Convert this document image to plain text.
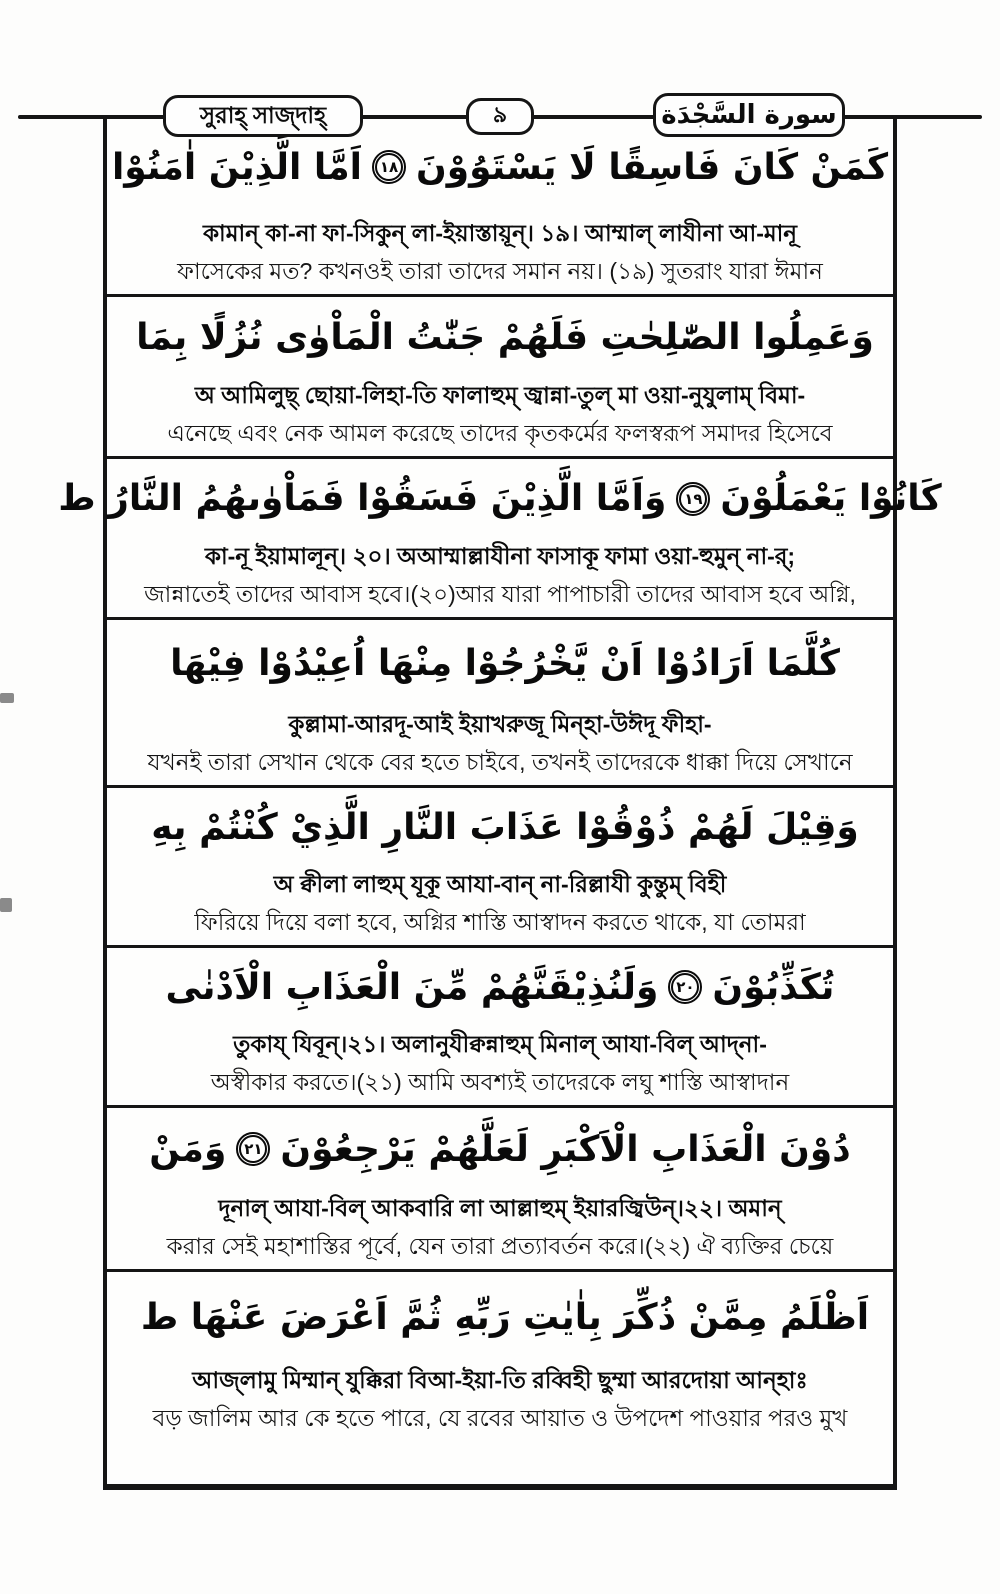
সুরাহ্ সাজ্‌দাহ্	৯	سورة السَّجْدَة
كَمَنْ كَانَ فَاسِقًا لَا يَسْتَوُوْنَ
١٨
اَمَّا الَّذِيْنَ اٰمَنُوْا
কামান্ কা-না ফা-সিকুন্ লা-ইয়াস্তায়ূন্। ১৯। আম্মাল্ লাযীনা আ-মানূ
ফাসেকের মত? কখনওই তারা তাদের সমান নয়। (১৯) সুতরাং যারা ঈমান
وَعَمِلُوا الصّٰلِحٰتِ فَلَهُمْ جَنّٰتُ الْمَاْوٰى نُزُلًا بِمَا
অ আমিলুছ্ ছোয়া-লিহা-তি ফালাহুম্ জ্বান্না-তুল্ মা ওয়া-নুযুলাম্ বিমা-
এনেছে এবং নেক আমল করেছে তাদের কৃতকর্মের ফলস্বরূপ সমাদর হিসেবে
كَانُوْا يَعْمَلُوْنَ
١٩
وَاَمَّا الَّذِيْنَ فَسَقُوْا فَمَاْوٰىهُمُ النَّارُ ط
কা-নূ ইয়ামালূন্। ২০। অআম্মাল্লাযীনা ফাসাকূ ফামা ওয়া-হুমুন্ না-র্;
জান্নাতেই তাদের আবাস হবে।(২০)আর যারা পাপাচারী তাদের আবাস হবে অগ্নি,
كُلَّمَا اَرَادُوْا اَنْ يَّخْرُجُوْا مِنْهَا اُعِيْدُوْا فِيْهَا
কুল্লামা-আরদূ-আই ইয়াখরুজূ মিন্হা-উঈদূ ফীহা-
যখনই তারা সেখান থেকে বের হতে চাইবে, তখনই তাদেরকে ধাক্কা দিয়ে সেখানে
وَقِيْلَ لَهُمْ ذُوْقُوْا عَذَابَ النَّارِ الَّذِيْ كُنْتُمْ بِهِ
অ ক্বীলা লাহুম্ যূকূ আযা-বান্ না-রিল্লাযী কুন্তুম্ বিহী
ফিরিয়ে দিয়ে বলা হবে, অগ্নির শাস্তি আস্বাদন করতে থাকে, যা তোমরা
تُكَذِّبُوْنَ
٢٠
وَلَنُذِيْقَنَّهُمْ مِّنَ الْعَذَابِ الْاَدْنٰى
তুকায্ যিবূন্।২১। অলানুযীক্বন্নাহুম্ মিনাল্ আযা-বিল্ আদ্‌না-
অস্বীকার করতে।(২১) আমি অবশ্যই তাদেরকে লঘু শাস্তি আস্বাদান
دُوْنَ الْعَذَابِ الْاَكْبَرِ لَعَلَّهُمْ يَرْجِعُوْنَ
٢١
وَمَنْ
দূনাল্ আযা-বিল্ আকবারি লা আল্লাহুম্ ইয়ারজ্বিউন্।২২। অমান্
করার সেই মহাশাস্তির পূর্বে, যেন তারা প্রত্যাবর্তন করে।(২২) ঐ ব্যক্তির চেয়ে
اَظْلَمُ مِمَّنْ ذُكِّرَ بِاٰيٰتِ رَبِّهِ ثُمَّ اَعْرَضَ عَنْهَا ط
আজ্‌লামু মিম্মান্ যুক্কিরা বিআ-ইয়া-তি রব্বিহী ছুম্মা আরদোয়া আন্‌হাঃ
বড় জালিম আর কে হতে পারে, যে রবের আয়াত ও উপদেশ পাওয়ার পরও মুখ
